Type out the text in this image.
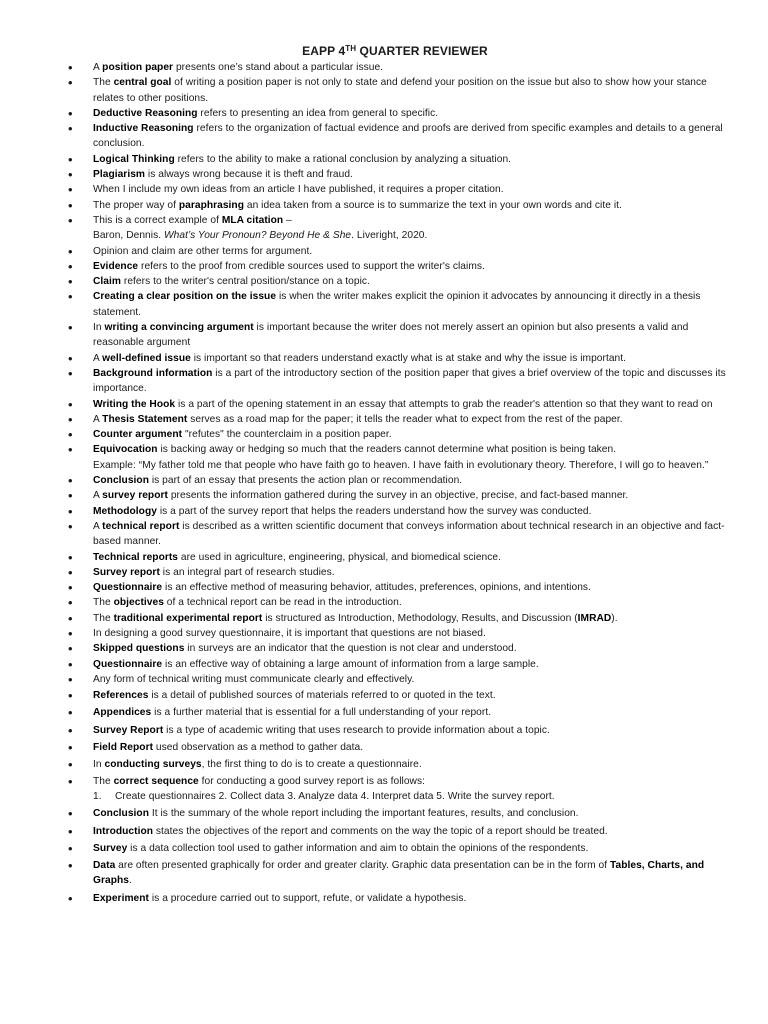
EAPP 4TH QUARTER REVIEWER
• A position paper presents one’s stand about a particular issue.
• The central goal of writing a position paper is not only to state and defend your position on the issue but also to show how your stance relates to other positions.
• Deductive Reasoning refers to presenting an idea from general to specific.
• Inductive Reasoning refers to the organization of factual evidence and proofs are derived from specific examples and details to a general conclusion.
• Logical Thinking refers to the ability to make a rational conclusion by analyzing a situation.
• Plagiarism is always wrong because it is theft and fraud.
• When I include my own ideas from an article I have published, it requires a proper citation.
• The proper way of paraphrasing an idea taken from a source is to summarize the text in your own words and cite it.
• This is a correct example of MLA citation –
Baron, Dennis. What’s Your Pronoun? Beyond He & She. Liveright, 2020.
• Opinion and claim are other terms for argument.
• Evidence refers to the proof from credible sources used to support the writer's claims.
• Claim refers to the writer's central position/stance on a topic.
• Creating a clear position on the issue is when the writer makes explicit the opinion it advocates by announcing it directly in a thesis statement.
• In writing a convincing argument is important because the writer does not merely assert an opinion but also presents a valid and reasonable argument
• A well-defined issue is important so that readers understand exactly what is at stake and why the issue is important.
• Background information is a part of the introductory section of the position paper that gives a brief overview of the topic and discusses its importance.
• Writing the Hook is a part of the opening statement in an essay that attempts to grab the reader's attention so that they want to read on
• A Thesis Statement serves as a road map for the paper; it tells the reader what to expect from the rest of the paper.
• Counter argument "refutes" the counterclaim in a position paper.
• Equivocation is backing away or hedging so much that the readers cannot determine what position is being taken.
Example: “My father told me that people who have faith go to heaven. I have faith in evolutionary theory. Therefore, I will go to heaven.”
• Conclusion is part of an essay that presents the action plan or recommendation.
• A survey report presents the information gathered during the survey in an objective, precise, and fact-based manner.
• Methodology is a part of the survey report that helps the readers understand how the survey was conducted.
• A technical report is described as a written scientific document that conveys information about technical research in an objective and fact-based manner.
• Technical reports are used in agriculture, engineering, physical, and biomedical science.
• Survey report is an integral part of research studies.
• Questionnaire is an effective method of measuring behavior, attitudes, preferences, opinions, and intentions.
• The objectives of a technical report can be read in the introduction.
• The traditional experimental report is structured as Introduction, Methodology, Results, and Discussion (IMRAD).
• In designing a good survey questionnaire, it is important that questions are not biased.
• Skipped questions in surveys are an indicator that the question is not clear and understood.
• Questionnaire is an effective way of obtaining a large amount of information from a large sample.
• Any form of technical writing must communicate clearly and effectively.
• References is a detail of published sources of materials referred to or quoted in the text.
• Appendices is a further material that is essential for a full understanding of your report.
• Survey Report is a type of academic writing that uses research to provide information about a topic.
• Field Report used observation as a method to gather data.
• In conducting surveys, the first thing to do is to create a questionnaire.
• The correct sequence for conducting a good survey report is as follows:
1. Create questionnaires 2. Collect data 3. Analyze data 4. Interpret data 5. Write the survey report.
• Conclusion It is the summary of the whole report including the important features, results, and conclusion.
• Introduction states the objectives of the report and comments on the way the topic of a report should be treated.
• Survey is a data collection tool used to gather information and aim to obtain the opinions of the respondents.
• Data are often presented graphically for order and greater clarity. Graphic data presentation can be in the form of Tables, Charts, and Graphs.
• Experiment is a procedure carried out to support, refute, or validate a hypothesis.
